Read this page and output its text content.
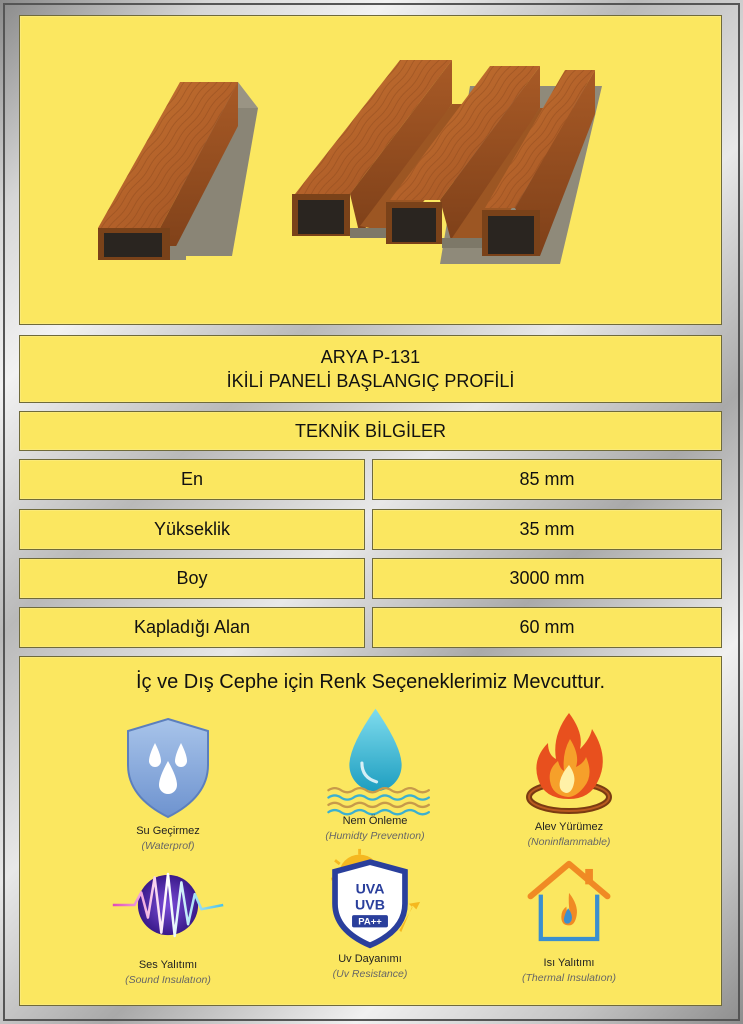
ARYA P-131
İKİLİ PANELİ BAŞLANGIÇ PROFİLİ
TEKNİK BİLGİLER
En	85 mm
Yükseklik	35 mm
Boy	3000 mm
Kapladığı Alan	60 mm
İç ve Dış Cephe için Renk Seçeneklerimiz Mevcuttur.
Su Geçirmez
(Waterprof)
Nem Önleme
(Humidty Preventıon)
Alev Yürümez
(Noninflammable)
Ses Yalıtımı
(Sound Insulatıon)
UVA
UVB
PA++
Uv Dayanımı
(Uv Resistance)
Isı Yalıtımı
(Thermal Insulatıon)
